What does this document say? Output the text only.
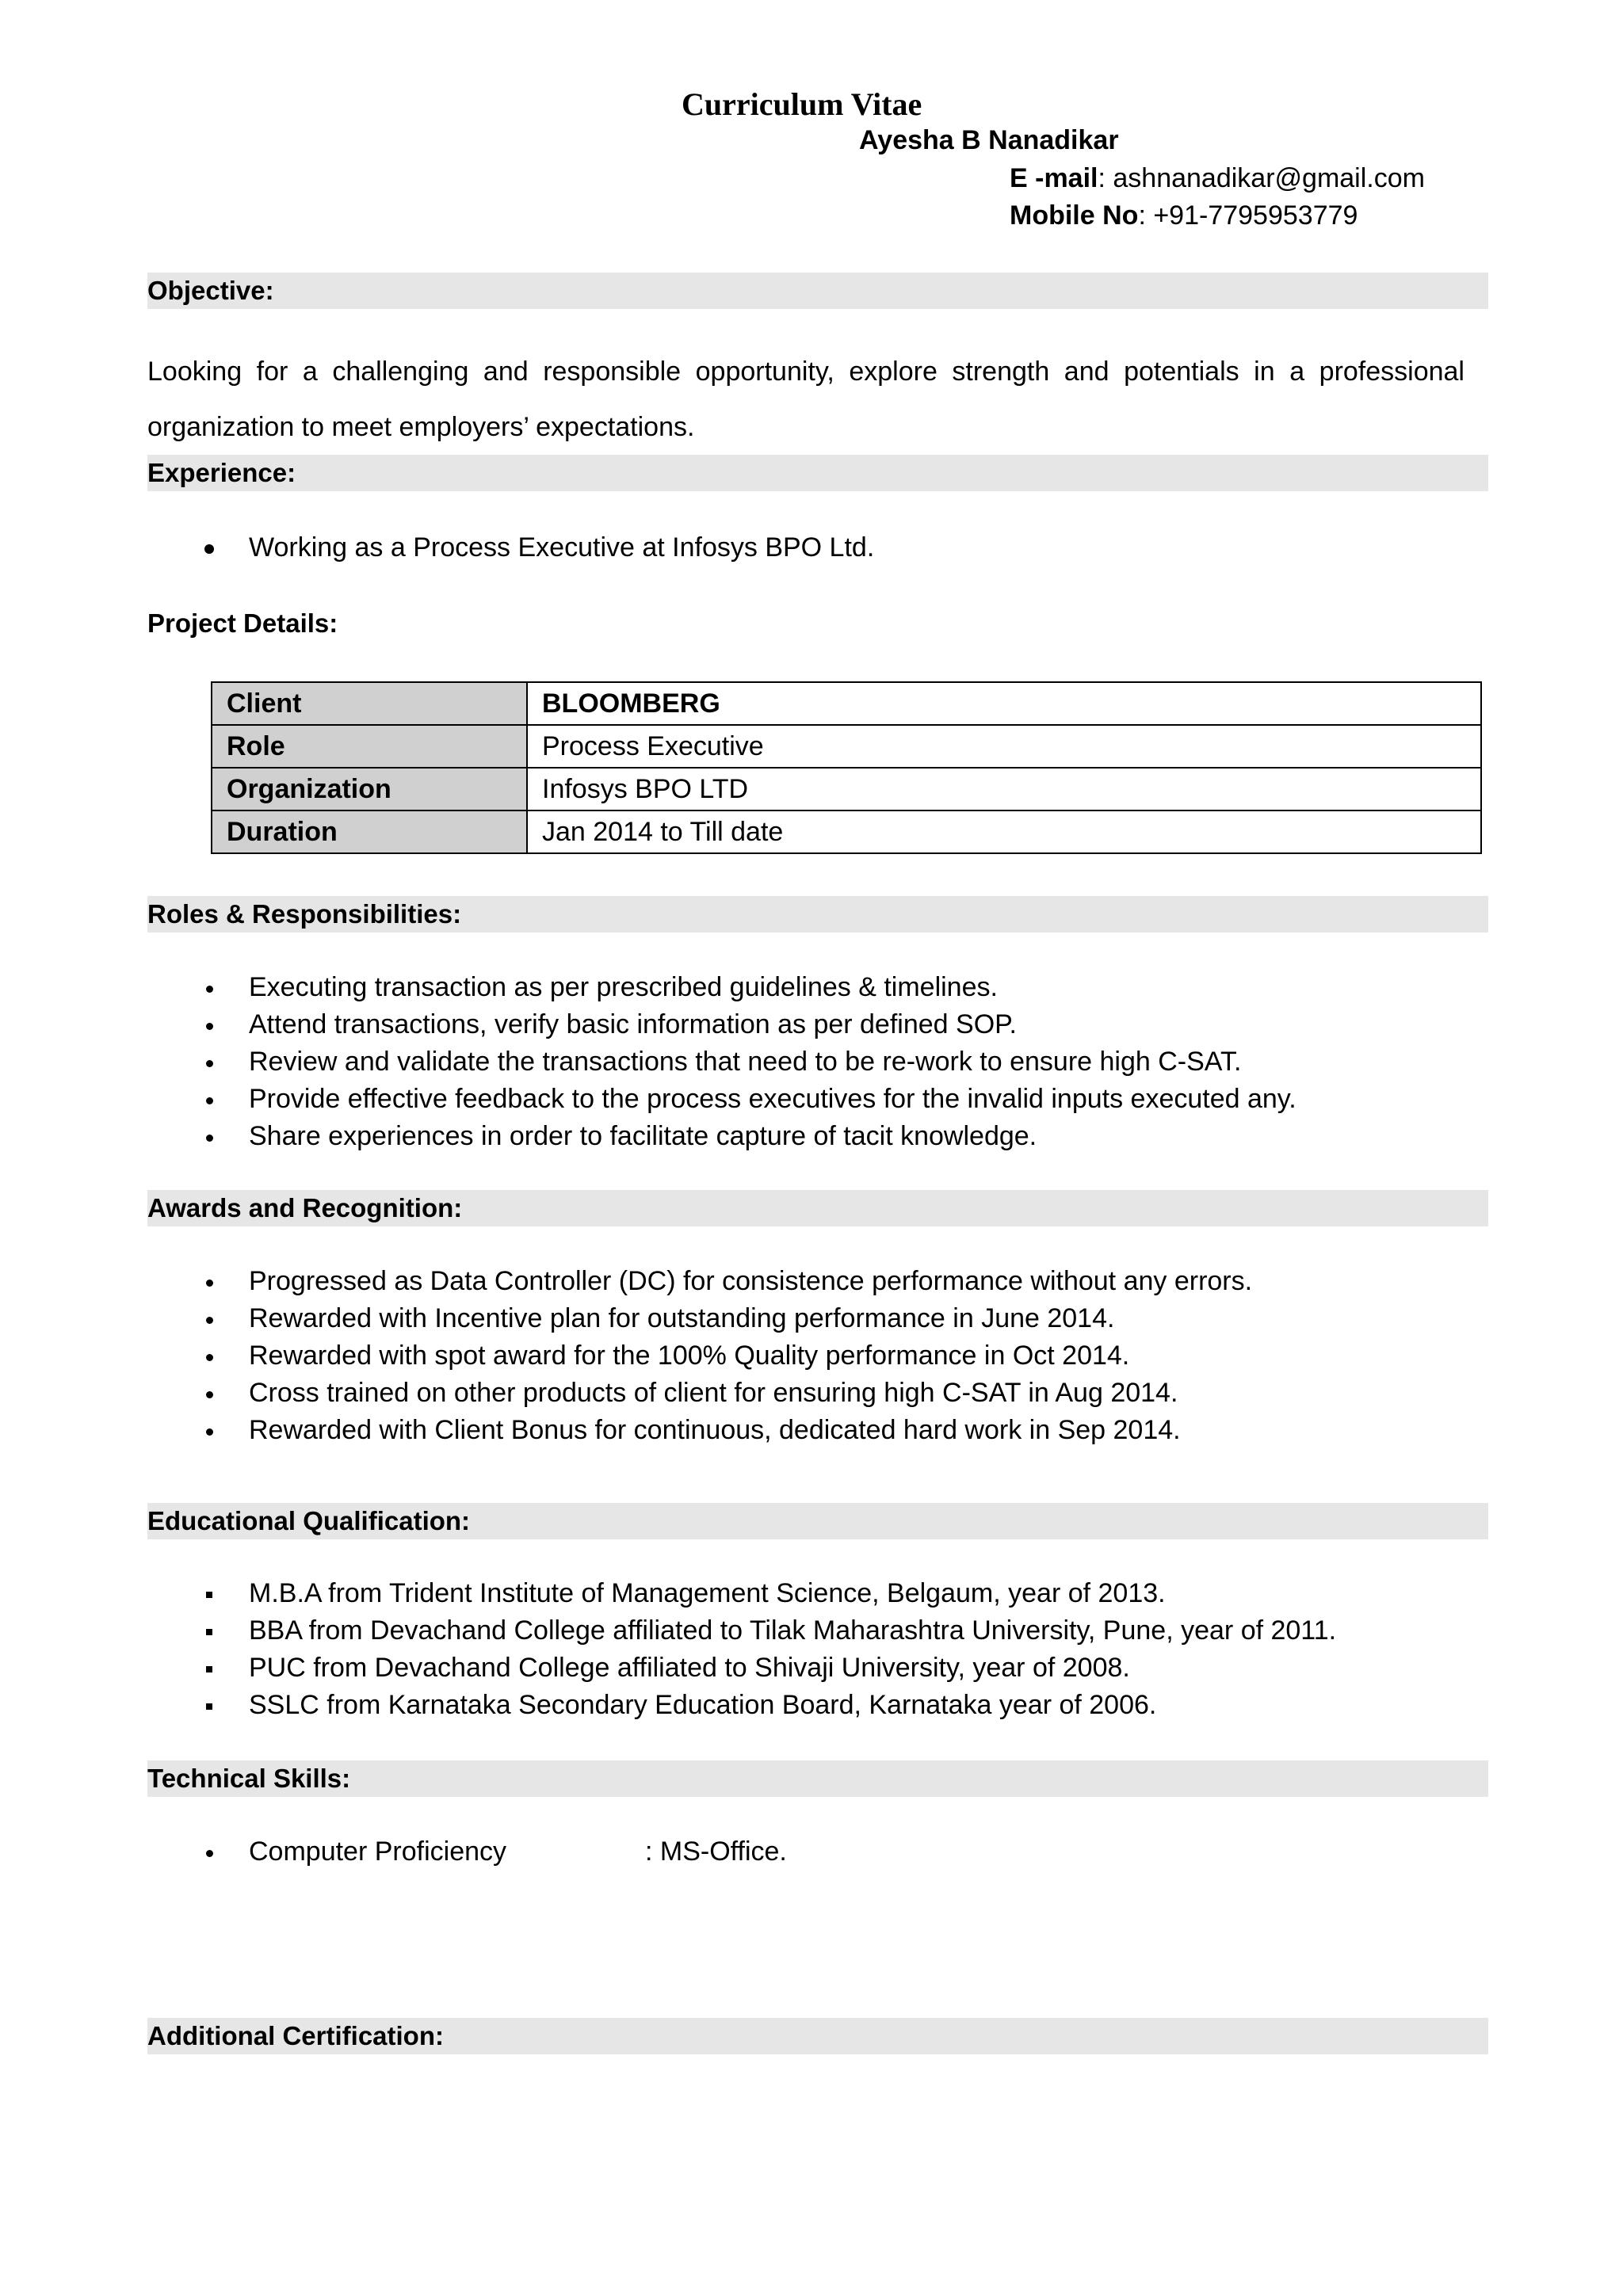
Curriculum Vitae
Ayesha B Nanadikar
E -mail: ashnanadikar@gmail.com
Mobile No: +91-7795953779
Objective:
Looking for a challenging and responsible opportunity, explore strength and potentials in a professional organization to meet employers’ expectations.
Experience:
Working as a Process Executive at Infosys BPO Ltd.
Project Details:
Client	BLOOMBERG
Role	Process Executive
Organization	Infosys BPO LTD
Duration	Jan 2014 to Till date
Roles & Responsibilities:
Executing transaction as per prescribed guidelines & timelines.
Attend transactions, verify basic information as per defined SOP.
Review and validate the transactions that need to be re-work to ensure high C-SAT.
Provide effective feedback to the process executives for the invalid inputs executed any.
Share experiences in order to facilitate capture of tacit knowledge.
Awards and Recognition:
Progressed as Data Controller (DC) for consistence performance without any errors.
Rewarded with Incentive plan for outstanding performance in June 2014.
Rewarded with spot award for the 100% Quality performance in Oct 2014.
Cross trained on other products of client for ensuring high C-SAT in Aug 2014.
Rewarded with Client Bonus for continuous, dedicated hard work in Sep 2014.
Educational Qualification:
M.B.A from Trident Institute of Management Science, Belgaum, year of 2013.
BBA from Devachand College affiliated to Tilak Maharashtra University, Pune, year of 2011.
PUC from Devachand College affiliated to Shivaji University, year of 2008.
SSLC from Karnataka Secondary Education Board, Karnataka year of 2006.
Technical Skills:
Computer Proficiency	: MS-Office.
Additional Certification:
